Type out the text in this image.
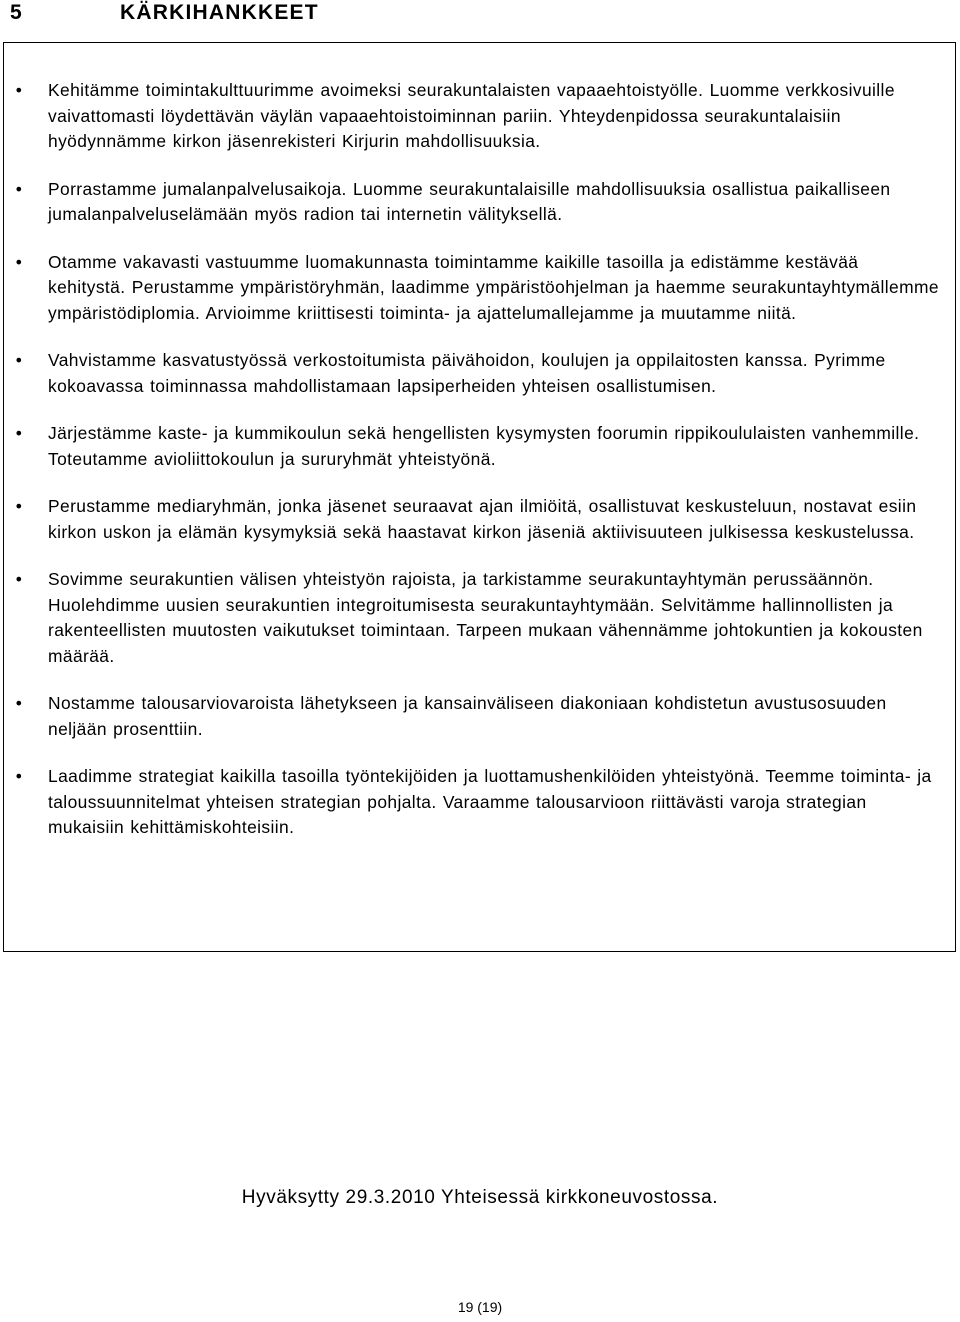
5	KÄRKIHANKKEET
• Kehitämme toimintakulttuurimme avoimeksi seurakuntalaisten vapaaehtoistyölle. Luomme verkkosivuille vaivattomasti löydettävän väylän vapaaehtoistoiminnan pariin. Yhteydenpidossa seurakuntalaisiin hyödynnämme kirkon jäsenrekisteri Kirjurin mahdollisuuksia.
• Porrastamme jumalanpalvelusaikoja. Luomme seurakuntalaisille mahdollisuuksia osallistua paikalliseen jumalanpalveluselämään myös radion tai internetin välityksellä.
• Otamme vakavasti vastuumme luomakunnasta toimintamme kaikille tasoilla ja edistämme kestävää kehitystä. Perustamme ympäristöryhmän, laadimme ympäristöohjelman ja haemme seurakuntayhtymällemme ympäristödiplomia. Arvioimme kriittisesti toiminta- ja ajattelumallejamme ja muutamme niitä.
• Vahvistamme kasvatustyössä verkostoitumista päivähoidon, koulujen ja oppilaitosten kanssa. Pyrimme kokoavassa toiminnassa mahdollistamaan lapsiperheiden yhteisen osallistumisen.
• Järjestämme kaste- ja kummikoulun sekä hengellisten kysymysten foorumin rippikoululaisten vanhemmille. Toteutamme avioliittokoulun ja sururyhmät yhteistyönä.
• Perustamme mediaryhmän, jonka jäsenet seuraavat ajan ilmiöitä, osallistuvat keskusteluun, nostavat esiin kirkon uskon ja elämän kysymyksiä sekä haastavat kirkon jäseniä aktiivisuuteen julkisessa keskustelussa.
• Sovimme seurakuntien välisen yhteistyön rajoista, ja tarkistamme seurakuntayhtymän perussäännön. Huolehdimme uusien seurakuntien integroitumisesta seurakuntayhtymään. Selvitämme hallinnollisten ja rakenteellisten muutosten vaikutukset toimintaan. Tarpeen mukaan vähennämme johtokuntien ja kokousten määrää.
• Nostamme talousarviovaroista lähetykseen ja kansainväliseen diakoniaan kohdistetun avustusosuuden neljään prosenttiin.
• Laadimme strategiat kaikilla tasoilla työntekijöiden ja luottamushenkilöiden yhteistyönä. Teemme toiminta- ja taloussuunnitelmat yhteisen strategian pohjalta. Varaamme talousarvioon riittävästi varoja strategian mukaisiin kehittämiskohteisiin.
Hyväksytty 29.3.2010 Yhteisessä kirkkoneuvostossa.
19 (19)
